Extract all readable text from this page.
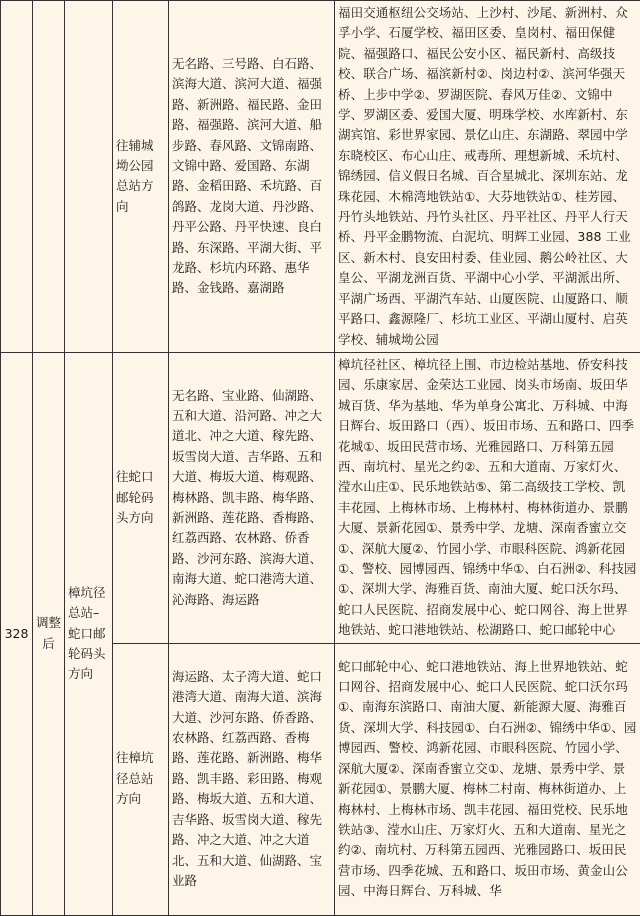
			往辅城坳公园总站方向	无名路、三号路、白石路、滨海大道、滨河大道、福强路、新洲路、福民路、金田路、福强路、滨河大道、船步路、春风路、文锦南路、文锦中路、爱国路、东湖路、金稻田路、禾坑路、百鸽路、龙岗大道、丹沙路、丹平公路、丹平快速、良白路、东深路、平湖大街、平龙路、杉坑内环路、惠华路、金钱路、嘉湖路	福田交通枢纽公交场站、上沙村、沙尾、新洲村、众孚小学、石厦学校、福田区委、皇岗村、福田保健院、福强路口、福民公安小区、福民新村、高级技校、联合广场、福滨新村②、岗边村②、滨河华强天桥、上步中学②、罗湖医院、春风万佳②、文锦中学、罗湖区委、爱国大厦、明珠学校、水库新村、东湖宾馆、彩世界家园、景亿山庄、东湖路、翠园中学东晓校区、布心山庄、戒毒所、理想新城、禾坑村、锦绣园、信义假日名城、百合星城北、深圳东站、龙珠花园、木棉湾地铁站①、大芬地铁站①、桂芳园、丹竹头地铁站、丹竹头社区、丹平社区、丹平人行天桥、丹平金鹏物流、白泥坑、明辉工业园、388 工业区、新木村、良安田村委、佳业园、鹅公岭社区、大皇公、平湖龙洲百货、平湖中心小学、平湖派出所、平湖广场西、平湖汽车站、山厦医院、山厦路口、顺平路口、鑫源隆厂、杉坑工业区、平湖山厦村、启英学校、辅城坳公园
328	调整后	樟坑径总站–蛇口邮轮码头方向	往蛇口邮轮码头方向	无名路、宝业路、仙湖路、五和大道、沿河路、冲之大道北、冲之大道、稼先路、坂雪岗大道、吉华路、五和大道、梅坂大道、梅观路、梅林路、凯丰路、梅华路、新洲路、莲花路、香梅路、红荔西路、农林路、侨香路、沙河东路、滨海大道、南海大道、蛇口港湾大道、沁海路、海运路	樟坑径社区、樟坑径上围、市边检站基地、侨安科技园、乐康家居、金荣达工业园、岗头市场南、坂田华城百货、华为基地、华为单身公寓北、万科城、中海日辉台、坂田路口（西）、坂田市场、五和路口、四季花城①、坂田民营市场、光雅园路口、万科第五园西、南坑村、星光之约②、五和大道南、万家灯火、滢水山庄①、民乐地铁站⑤、第二高级技工学校、凯丰花园、上梅林市场、上梅林村、梅林街道办、景鹏大厦、景新花园①、景秀中学、龙塘、深南香蜜立交①、深航大厦②、竹园小学、市眼科医院、鸿新花园①、警校、园博园西、锦绣中华①、白石洲②、科技园①、深圳大学、海雅百货、南油大厦、蛇口沃尔玛、蛇口人民医院、招商发展中心、蛇口网谷、海上世界地铁站、蛇口港地铁站、松湖路口、蛇口邮轮中心
			往樟坑径总站方向	海运路、太子湾大道、蛇口港湾大道、南海大道、滨海大道、沙河东路、侨香路、农林路、红荔西路、香梅路、莲花路、新洲路、梅华路、凯丰路、彩田路、梅观路、梅坂大道、五和大道、吉华路、坂雪岗大道、稼先路、冲之大道、冲之大道北、五和大道、仙湖路、宝业路	蛇口邮轮中心、蛇口港地铁站、海上世界地铁站、蛇口网谷、招商发展中心、蛇口人民医院、蛇口沃尔玛①、南海东滨路口、南油大厦、新能源大厦、海雅百货、深圳大学、科技园①、白石洲②、锦绣中华①、园博园西、警校、鸿新花园、市眼科医院、竹园小学、深航大厦②、深南香蜜立交①、龙塘、景秀中学、景新花园①、景鹏大厦、梅林二村南、梅林街道办、上梅林村、上梅林市场、凯丰花园、福田党校、民乐地铁站③、滢水山庄、万家灯火、五和大道南、星光之约②、南坑村、万科第五园西、光雅园路口、坂田民营市场、四季花城、五和路口、坂田市场、黄金山公园、中海日辉台、万科城、华
